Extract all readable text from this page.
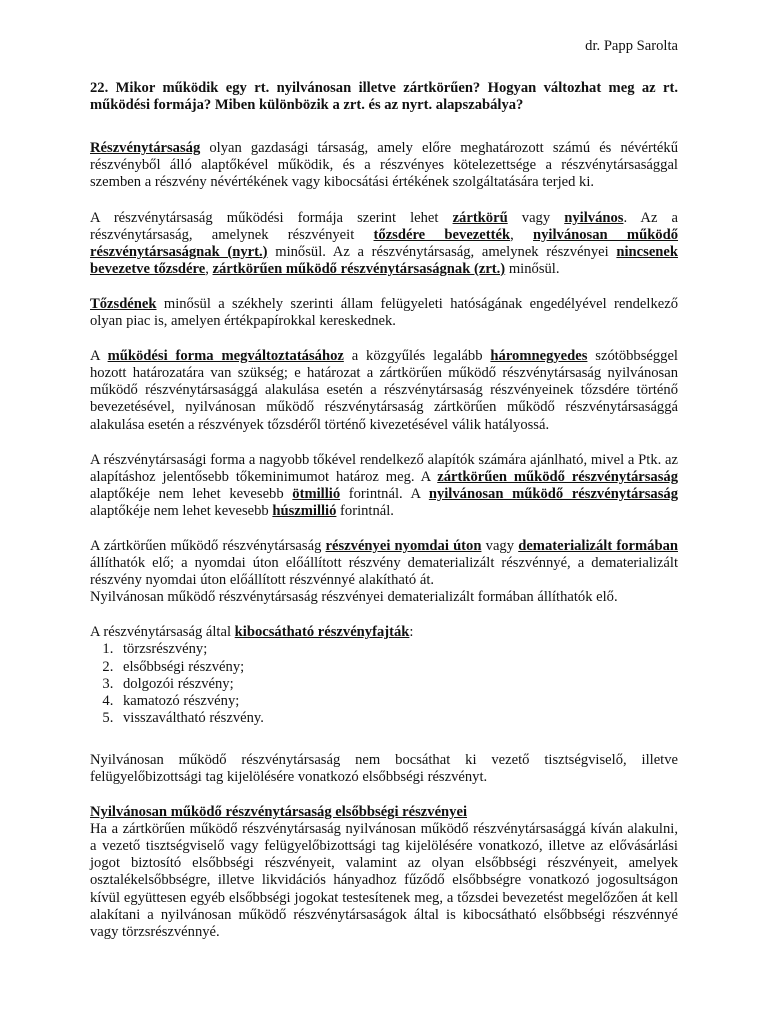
dr. Papp Sarolta
22. Mikor működik egy rt. nyilvánosan illetve zártkörűen? Hogyan változhat meg az rt. működési formája? Miben különbözik a zrt. és az nyrt. alapszabálya?

Részvénytársaság olyan gazdasági társaság, amely előre meghatározott számú és névértékű részvényből álló alaptőkével működik, és a részvényes kötelezettsége a részvénytársasággal szemben a részvény névértékének vagy kibocsátási értékének szolgáltatására terjed ki.

A részvénytársaság működési formája szerint lehet zártkörű vagy nyilvános. Az a részvénytársaság, amelynek részvényeit tőzsdére bevezették, nyilvánosan működő részvénytársaságnak (nyrt.) minősül. Az a részvénytársaság, amelynek részvényei nincsenek bevezetve tőzsdére, zártkörűen működő részvénytársaságnak (zrt.) minősül.

Tőzsdének minősül a székhely szerinti állam felügyeleti hatóságának engedélyével rendelkező olyan piac is, amelyen értékpapírokkal kereskednek.

A működési forma megváltoztatásához a közgyűlés legalább háromnegyedes szótöbbséggel hozott határozatára van szükség; e határozat a zártkörűen működő részvénytársaság nyilvánosan működő részvénytársasággá alakulása esetén a részvénytársaság részvényeinek tőzsdére történő bevezetésével, nyilvánosan működő részvénytársaság zártkörűen működő részvénytársasággá alakulása esetén a részvények tőzsdéről történő kivezetésével válik hatályossá.

A részvénytársasági forma a nagyobb tőkével rendelkező alapítók számára ajánlható, mivel a Ptk. az alapításhoz jelentősebb tőkeminimumot határoz meg. A zártkörűen működő részvénytársaság alaptőkéje nem lehet kevesebb ötmillió forintnál. A nyilvánosan működő részvénytársaság alaptőkéje nem lehet kevesebb húszmillió forintnál.

A zártkörűen működő részvénytársaság részvényei nyomdai úton vagy dematerializált formában állíthatók elő; a nyomdai úton előállított részvény dematerializált részvénnyé, a dematerializált részvény nyomdai úton előállított részvénnyé alakítható át.

Nyilvánosan működő részvénytársaság részvényei dematerializált formában állíthatók elő.

A részvénytársaság által kibocsátható részvényfajták:

1. törzsrészvény;
2. elsőbbségi részvény;
3. dolgozói részvény;
4. kamatozó részvény;
5. visszaváltható részvény.

Nyilvánosan működő részvénytársaság nem bocsáthat ki vezető tisztségviselő, illetve felügyelőbizottsági tag kijelölésére vonatkozó elsőbbségi részvényt.

Nyilvánosan működő részvénytársaság elsőbbségi részvényei

Ha a zártkörűen működő részvénytársaság nyilvánosan működő részvénytársasággá kíván alakulni, a vezető tisztségviselő vagy felügyelőbizottsági tag kijelölésére vonatkozó, illetve az elővásárlási jogot biztosító elsőbbségi részvényeit, valamint az olyan elsőbbségi részvényeit, amelyek osztalékelsőbbségre, illetve likvidációs hányadhoz fűződő elsőbbségre vonatkozó jogosultságon kívül együttesen egyéb elsőbbségi jogokat testesítenek meg, a tőzsdei bevezetést megelőzően át kell alakítani a nyilvánosan működő részvénytársaságok által is kibocsátható elsőbbségi részvénnyé vagy törzsrészvénnyé.
